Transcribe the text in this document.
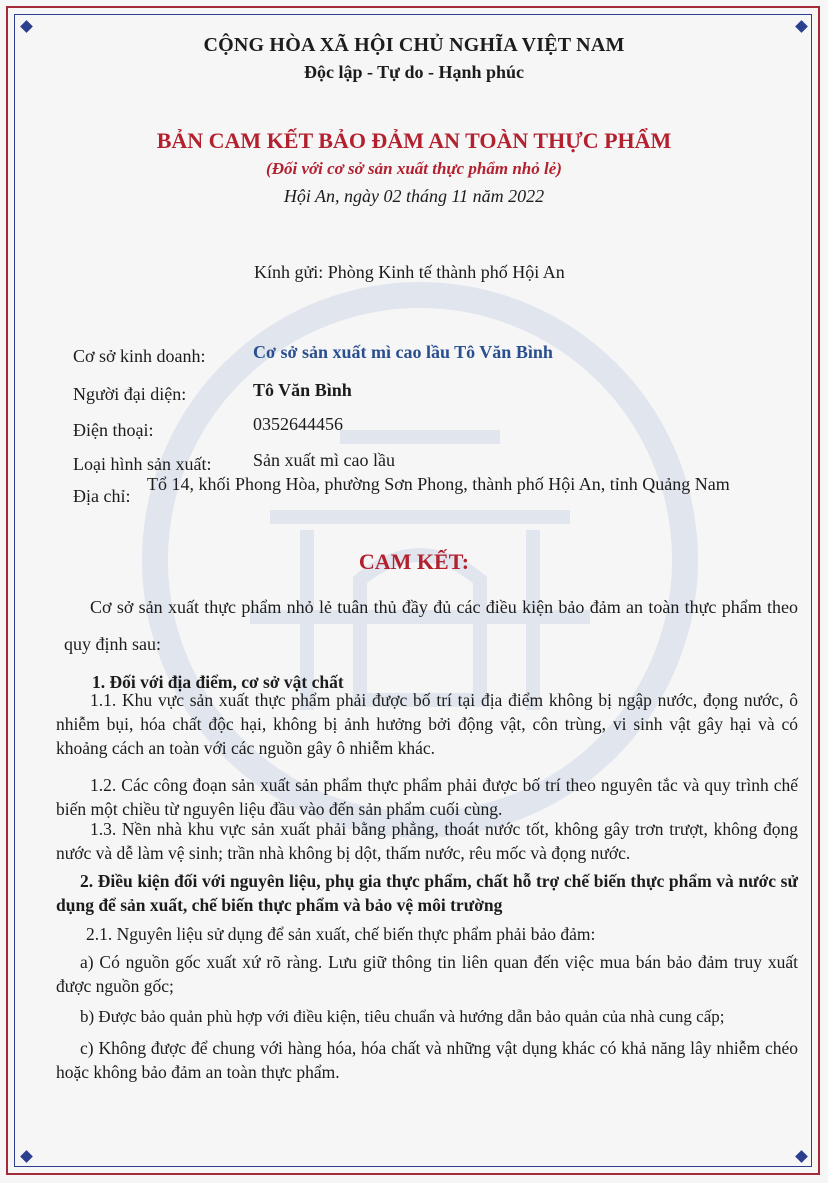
CỘNG HÒA XÃ HỘI CHỦ NGHĨA VIỆT NAM
Độc lập - Tự do - Hạnh phúc
BẢN CAM KẾT BẢO ĐẢM AN TOÀN THỰC PHẨM
(Đối với cơ sở sản xuất thực phẩm nhỏ lẻ)
Hội An, ngày 02 tháng 11 năm 2022
Kính gửi: Phòng Kinh tế thành phố Hội An
Cơ sở kinh doanh:	Cơ sở sản xuất mì cao lầu Tô Văn Bình
Người đại diện:	Tô Văn Bình
Điện thoại:	0352644456
Loại hình sản xuất: Sản xuất mì cao lầu
Địa chỉ:
Tổ 14, khối Phong Hòa, phường Sơn Phong, thành phố Hội An, tỉnh Quảng Nam
CAM KẾT:
Cơ sở sản xuất thực phẩm nhỏ lẻ tuân thủ đầy đủ các điều kiện bảo đảm an toàn thực phẩm theo quy định sau:
1. Đối với địa điểm, cơ sở vật chất
1.1. Khu vực sản xuất thực phẩm phải được bố trí tại địa điểm không bị ngập nước, đọng nước, ô nhiễm bụi, hóa chất độc hại, không bị ảnh hưởng bởi động vật, côn trùng, vi sinh vật gây hại và có khoảng cách an toàn với các nguồn gây ô nhiễm khác.
1.2. Các công đoạn sản xuất sản phẩm thực phẩm phải được bố trí theo nguyên tắc và quy trình chế biến một chiều từ nguyên liệu đầu vào đến sản phẩm cuối cùng.
1.3. Nền nhà khu vực sản xuất phải bằng phẳng, thoát nước tốt, không gây trơn trượt, không đọng nước và dễ làm vệ sinh; trần nhà không bị dột, thấm nước, rêu mốc và đọng nước.
2. Điều kiện đối với nguyên liệu, phụ gia thực phẩm, chất hỗ trợ chế biến thực phẩm và nước sử dụng để sản xuất, chế biến thực phẩm và bảo vệ môi trường
2.1. Nguyên liệu sử dụng để sản xuất, chế biến thực phẩm phải bảo đảm:
a) Có nguồn gốc xuất xứ rõ ràng. Lưu giữ thông tin liên quan đến việc mua bán bảo đảm truy xuất được nguồn gốc;
b) Được bảo quản phù hợp với điều kiện, tiêu chuẩn và hướng dẫn bảo quản của nhà cung cấp;
c) Không được để chung với hàng hóa, hóa chất và những vật dụng khác có khả năng lây nhiễm chéo hoặc không bảo đảm an toàn thực phẩm.
